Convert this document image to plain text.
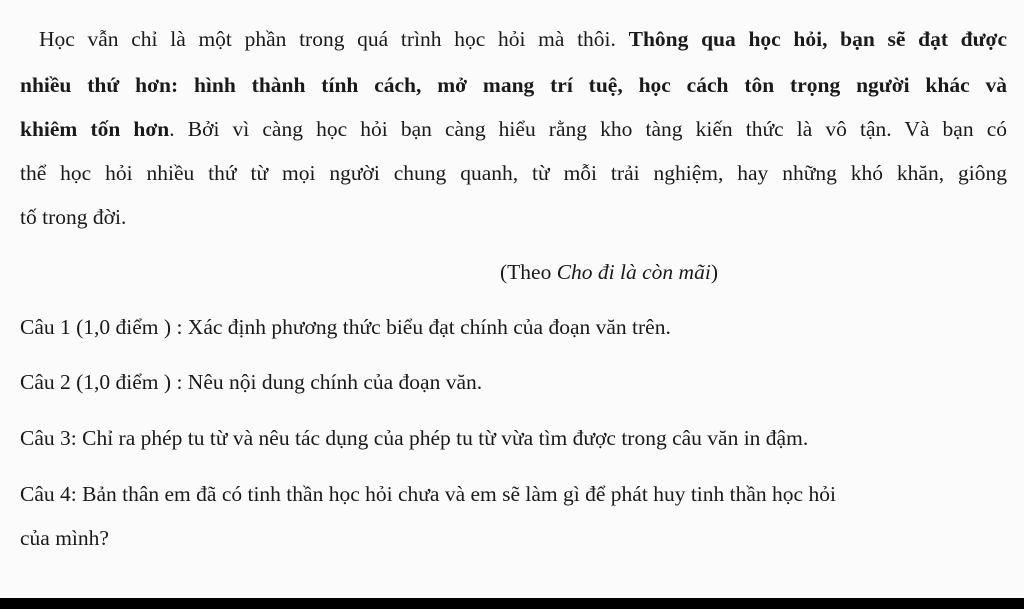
Học vẫn chỉ là một phần trong quá trình học hỏi mà thôi. Thông qua học hỏi, bạn sẽ đạt được
nhiều thứ hơn: hình thành tính cách, mở mang trí tuệ, học cách tôn trọng người khác và
khiêm tốn hơn. Bởi vì càng học hỏi bạn càng hiểu rằng kho tàng kiến thức là vô tận. Và bạn có
thể học hỏi nhiều thứ từ mọi người chung quanh, từ mỗi trải nghiệm, hay những khó khăn, giông
tố trong đời.
(Theo Cho đi là còn mãi)
Câu 1 (1,0 điểm ) : Xác định phương thức biểu đạt chính của đoạn văn trên.
Câu 2 (1,0 điểm ) : Nêu nội dung chính của đoạn văn.
Câu 3: Chỉ ra phép tu từ và nêu tác dụng của phép tu từ vừa tìm được trong câu văn in đậm.
Câu 4: Bản thân em đã có tinh thần học hỏi chưa và em sẽ làm gì để phát huy tinh thần học hỏi
của mình?
